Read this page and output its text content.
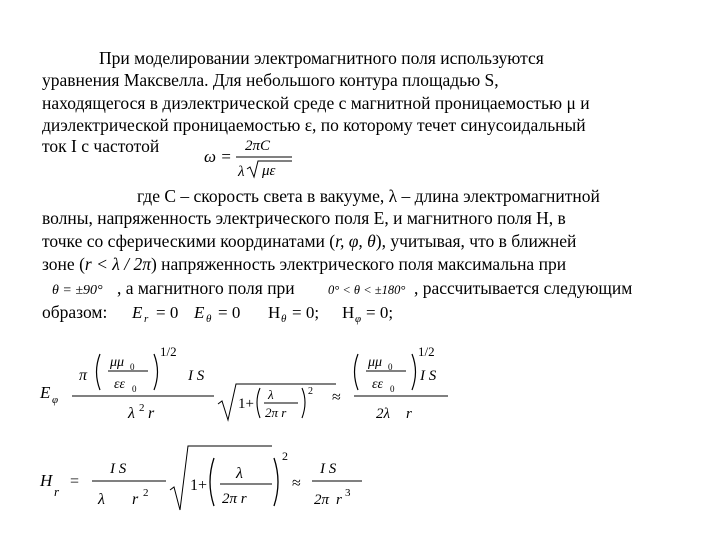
При моделировании электромагнитного поля используются
уравнения Максвелла. Для небольшого контура площадью S,
находящегося в диэлектрической среде с магнитной проницаемостью μ и
диэлектрической проницаемостью ε, по которому течет синусоидальный
ток I с частотой
ω =
2πC
λ μɛ
где С – скорость света в вакууме, λ – длина электромагнитной
волны, напряженность электрического поля Е, и магнитного поля Н, в
точке со сферическими координатами (r, φ, θ), учитывая, что в ближней
зоне (r < λ / 2π) напряженность электрического поля максимальна при
θ = ±90° , а магнитного поля при	0° < θ < ±180° , рассчитывается следующим
образом: E r = 0 E θ = 0 H θ = 0; H φ = 0;
E φ
π
μμ 0
εε 0
1/2
I S
λ 2 r
1+
λ
2π r
2 ≈
μμ 0
εε 0
1/2
I S
2λ r
H
r
=
I S
λ r 2	1+
λ
2π r
2
≈
I S
2π r 3
